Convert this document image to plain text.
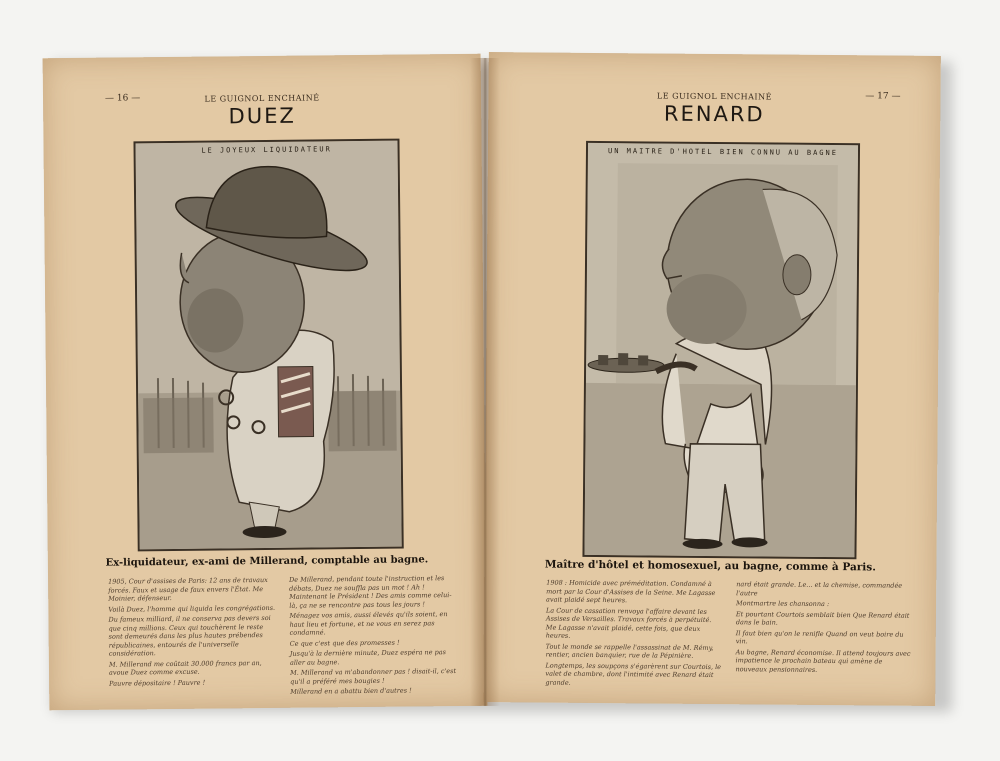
— 16 —	LE GUIGNOL ENCHAINÉ
DUEZ
LE JOYEUX LIQUIDATEUR
Ex-liquidateur, ex-ami de Millerand, comptable au bagne.

1905, Cour d'assises de Paris: 12 ans de travaux forcés. Faux et usage de faux envers l'État. Me Moinier, défenseur.

Voilà Duez, l'homme qui liquida les congrégations.

Du fameux milliard, il ne conserva pas devers soi que cinq millions. Ceux qui touchèrent le reste sont demeurés dans les plus hautes prébendes républicaines, entourés de l'universelle considération.

M. Millerand me coûtait 30.000 francs par an, avoue Duez comme excuse.

Pauvre dépositaire ! Pauvre !

De Millerand, pendant toute l'instruction et les débats, Duez ne souffla pas un mot ! Ah ! Maintenant le Président ! Des amis comme celui-là, ça ne se rencontre pas tous les jours !

Ménagez vos amis, aussi élevés qu'ils soient, en haut lieu et fortune, et ne vous en serez pas condamné.

Ce que c'est que des promesses !

Jusqu'à la dernière minute, Duez espéra ne pas aller au bagne.

M. Millerand va m'abandonner pas ! disait-il, c'est qu'il a préféré mes bougies !

Millerand en a abattu bien d'autres !

— 17 —
LE GUIGNOL ENCHAINÉ
RENARD
UN MAITRE D'HOTEL BIEN CONNU AU BAGNE
Maître d'hôtel et homosexuel, au bagne, comme à Paris.

1908 : Homicide avec préméditation. Condamné à mort par la Cour d'Assises de la Seine. Me Lagasse avait plaidé sept heures.

La Cour de cassation renvoya l'affaire devant les Assises de Versailles. Travaux forcés à perpétuité. Me Lagasse n'avait plaidé, cette fois, que deux heures.

Tout le monde se rappelle l'assassinat de M. Rémy, rentier, ancien banquier, rue de la Pépinière.

Longtemps, les soupçons s'égarèrent sur Courtois, le valet de chambre, dont l'intimité avec Renard était grande.

nard était grande. Le... et la chemise, commandée l'autre

Montmartre les chansonna :

Et pourtant Courtois semblait bien Que Renard était dans le bain.

Il faut bien qu'on le renifle Quand on veut boire du vin.

Au bagne, Renard économise. Il attend toujours avec impatience le prochain bateau qui amène de nouveaux pensionnaires.
